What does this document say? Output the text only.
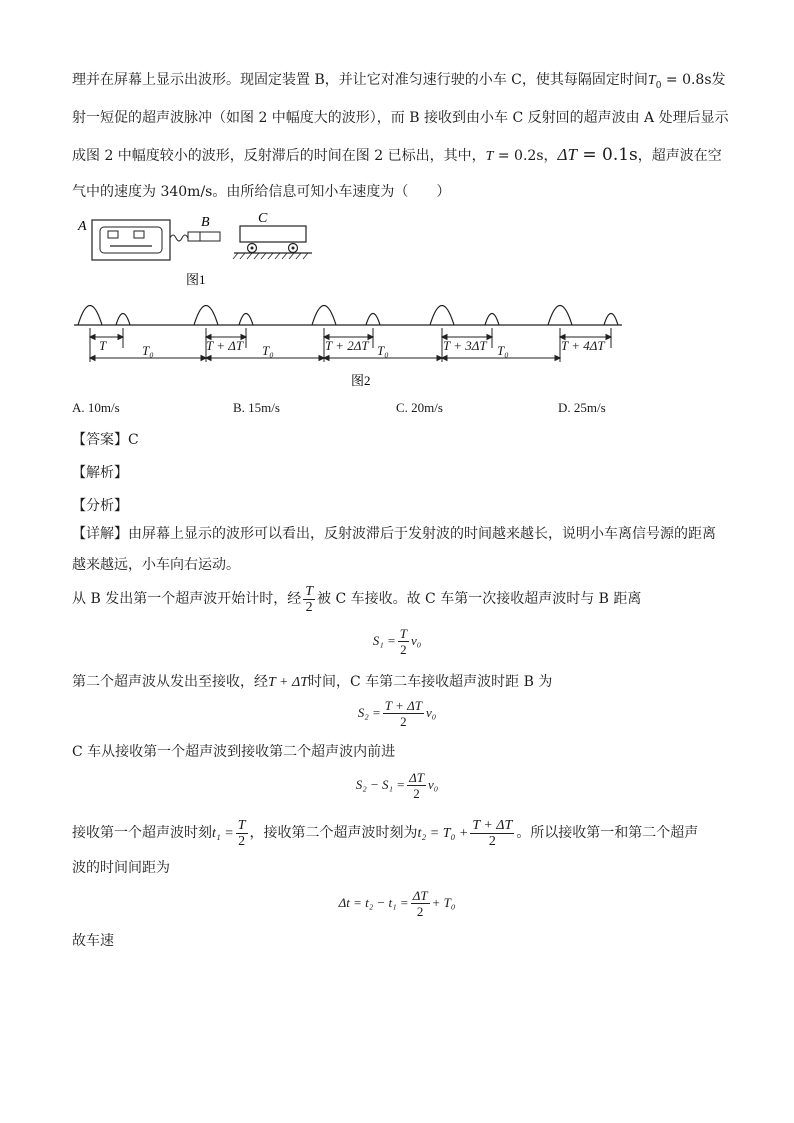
理并在屏幕上显示出波形。现固定装置 B，并让它对准匀速行驶的小车 C，使其每隔固定时间$T_0 = 0.8s$发
射一短促的超声波脉冲（如图 2 中幅度大的波形），而 B 接收到由小车 C 反射回的超声波由 A 处理后显示
成图 2 中幅度较小的波形，反射滞后的时间在图 2 已标出，其中，T = 0.2s，ΔT = 0.1s，超声波在空
气中的速度为 340m/s。由所给信息可知小车速度为（　　）
A	B	C
图1
T	T₀	T + ΔT T₀	T + 2ΔT T₀	T + 3ΔT T₀	T + 4ΔT
图2
A. 10m/s	B. 15m/s	C. 20m/s	D. 25m/s
【答案】C
【解析】
【分析】
【详解】由屏幕上显示的波形可以看出，反射波滞后于发射波的时间越来越长，说明小车离信号源的距离
越来越远，小车向右运动。
从 B 发出第一个超声波开始计时，经 $\frac{T}{2}$ 被 C 车接收。故 C 车第一次接收超声波时与 B 距离
$S_1 = \frac{T}{2} v_0$
第二个超声波从发出至接收，经T + ΔT时间，C 车第二车接收超声波时距 B 为
$S_2 = \frac{T + \Delta T}{2} v_0$
C 车从接收第一个超声波到接收第二个超声波内前进
$S_2 - S_1 = \frac{\Delta T}{2} v_0$
接收第一个超声波时刻$t_1 = \frac{T}{2}$ ，接收第二个超声波时刻为$t_2 = T_0 + \frac{T + \Delta T}{2}$ 。所以接收第一和第二个超声
波的时间间距为
$\Delta t = t_2 - t_1 = \frac{\Delta T}{2} + T_0$
故车速
